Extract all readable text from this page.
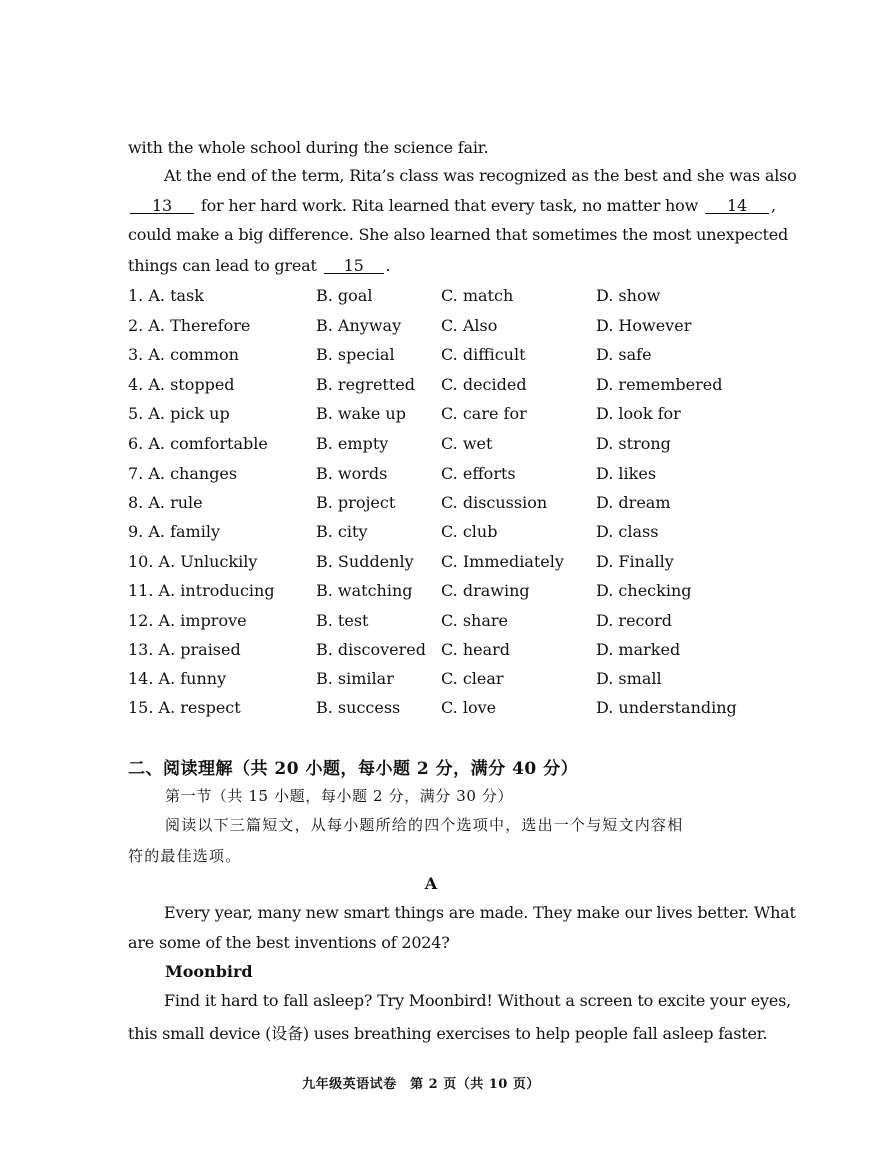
with the whole school during the science fair.
At the end of the term, Rita’s class was recognized as the best and she was also
13 for her hard work. Rita learned that every task, no matter how 14 ,
could make a big difference. She also learned that sometimes the most unexpected
things can lead to great 15 .
1. A. task	B. goal	C. match	D. show
2. A. Therefore	B. Anyway C. Also	D. However
3. A. common	B. special	C. difficult	D. safe
4. A. stopped	B. regretted C. decided	D. remembered
5. A. pick up	B. wake up C. care for	D. look for
6. A. comfortable	B. empty	C. wet	D. strong
7. A. changes	B. words	C. efforts	D. likes
8. A. rule	B. project	C. discussion	D. dream
9. A. family	B. city	C. club	D. class
10. A. Unluckily	B. Suddenly C. Immediately D. Finally
11. A. introducing	B. watching C. drawing	D. checking
12. A. improve	B. test	C. share	D. record
13. A. praised	B. discovered C. heard	D. marked
14. A. funny	B. similar	C. clear	D. small
15. A. respect	B. success	C. love	D. understanding
二、阅读理解（共 20 小题，每小题 2 分，满分 40 分）
第一节（共 15 小题，每小题 2 分，满分 30 分）
阅读以下三篇短文，从每小题所给的四个选项中，选出一个与短文内容相
符的最佳选项。
A
Every year, many new smart things are made. They make our lives better. What
are some of the best inventions of 2024?
Moonbird
Find it hard to fall asleep? Try Moonbird! Without a screen to excite your eyes,
this small device (设备) uses breathing exercises to help people fall asleep faster.
九年级英语试卷　第 2 页（共 10 页）
